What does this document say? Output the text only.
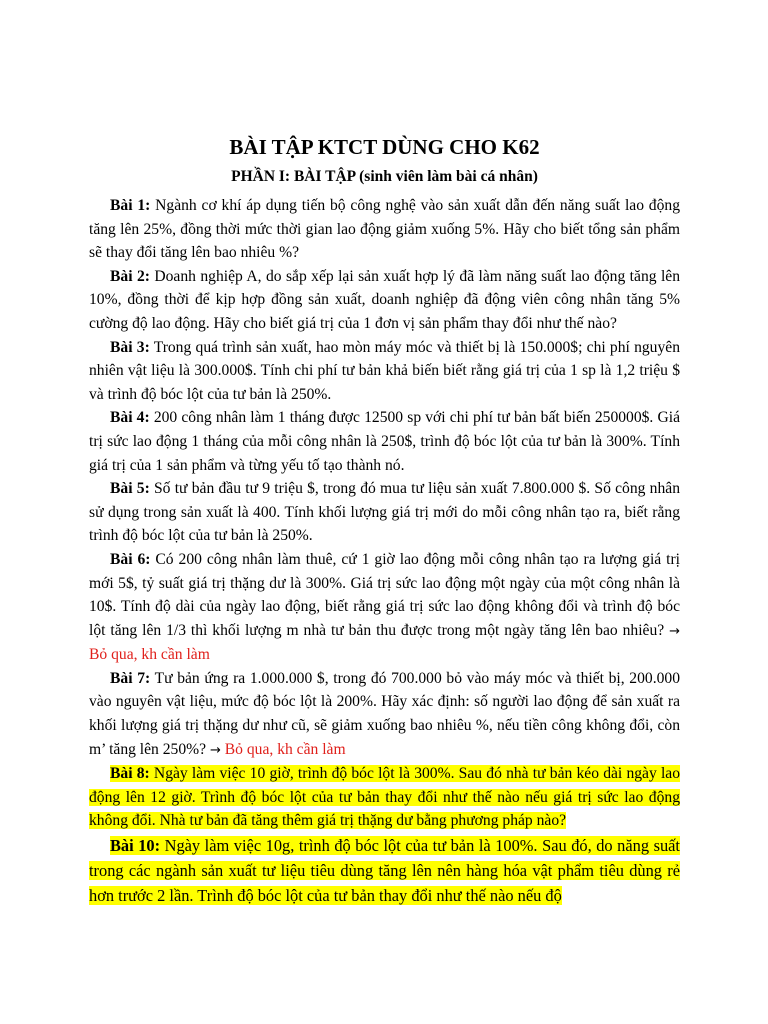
BÀI TẬP KTCT DÙNG CHO K62
PHẦN I: BÀI TẬP (sinh viên làm bài cá nhân)

Bài 1: Ngành cơ khí áp dụng tiến bộ công nghệ vào sản xuất dẫn đến năng suất lao động tăng lên 25%, đồng thời mức thời gian lao động giảm xuống 5%. Hãy cho biết tổng sản phẩm sẽ thay đổi tăng lên bao nhiêu %?

Bài 2: Doanh nghiệp A, do sắp xếp lại sản xuất hợp lý đã làm năng suất lao động tăng lên 10%, đồng thời để kịp hợp đồng sản xuất, doanh nghiệp đã động viên công nhân tăng 5% cường độ lao động. Hãy cho biết giá trị của 1 đơn vị sản phẩm thay đổi như thế nào?

Bài 3: Trong quá trình sản xuất, hao mòn máy móc và thiết bị là 150.000$; chi phí nguyên nhiên vật liệu là 300.000$. Tính chi phí tư bản khả biến biết rằng giá trị của 1 sp là 1,2 triệu $ và trình độ bóc lột của tư bản là 250%.

Bài 4: 200 công nhân làm 1 tháng được 12500 sp với chi phí tư bản bất biến 250000$. Giá trị sức lao động 1 tháng của mỗi công nhân là 250$, trình độ bóc lột của tư bản là 300%. Tính giá trị của 1 sản phẩm và từng yếu tố tạo thành nó.

Bài 5: Số tư bản đầu tư 9 triệu $, trong đó mua tư liệu sản xuất 7.800.000 $. Số công nhân sử dụng trong sản xuất là 400. Tính khối lượng giá trị mới do mỗi công nhân tạo ra, biết rằng trình độ bóc lột của tư bản là 250%.

Bài 6: Có 200 công nhân làm thuê, cứ 1 giờ lao động mỗi công nhân tạo ra lượng giá trị mới 5$, tỷ suất giá trị thặng dư là 300%. Giá trị sức lao động một ngày của một công nhân là 10$. Tính độ dài của ngày lao động, biết rằng giá trị sức lao động không đổi và trình độ bóc lột tăng lên 1/3 thì khối lượng m nhà tư bản thu được trong một ngày tăng lên bao nhiêu? → Bỏ qua, kh cần làm

Bài 7: Tư bản ứng ra 1.000.000 $, trong đó 700.000 bỏ vào máy móc và thiết bị, 200.000 vào nguyên vật liệu, mức độ bóc lột là 200%. Hãy xác định: số người lao động để sản xuất ra khối lượng giá trị thặng dư như cũ, sẽ giảm xuống bao nhiêu %, nếu tiền công không đổi, còn m’ tăng lên 250%? → Bỏ qua, kh cần làm

Bài 8: Ngày làm việc 10 giờ, trình độ bóc lột là 300%. Sau đó nhà tư bản kéo dài ngày lao động lên 12 giờ. Trình độ bóc lột của tư bản thay đổi như thế nào nếu giá trị sức lao động không đổi. Nhà tư bản đã tăng thêm giá trị thặng dư bằng phương pháp nào?

Bài 10: Ngày làm việc 10g, trình độ bóc lột của tư bản là 100%. Sau đó, do năng suất trong các ngành sản xuất tư liệu tiêu dùng tăng lên nên hàng hóa vật phẩm tiêu dùng rẻ hơn trước 2 lần. Trình độ bóc lột của tư bản thay đổi như thế nào nếu độ
